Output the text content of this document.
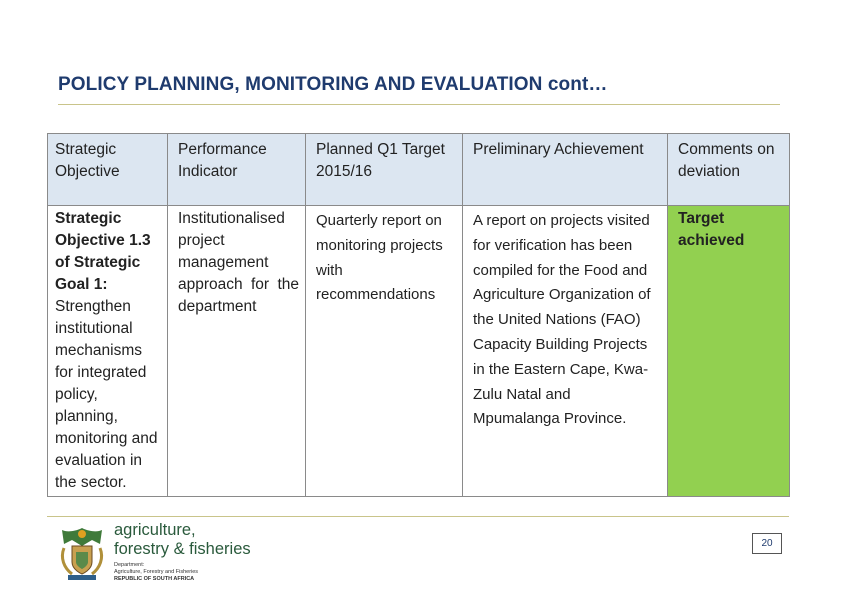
POLICY PLANNING, MONITORING AND EVALUATION cont…
Strategic Objective	Performance Indicator	Planned Q1 Target 2015/16	Preliminary Achievement	Comments on deviation

Strategic Objective 1.3 of Strategic Goal 1:
Strengthen institutional mechanisms for integrated policy, planning, monitoring and evaluation in the sector.	Institutionalised project management approach for the department	Quarterly report on monitoring projects with recommendations	A report on projects visited for verification has been compiled for the Food and Agriculture Organization of the United Nations (FAO) Capacity Building Projects in the Eastern Cape, Kwa-Zulu Natal and Mpumalanga Province.	Target achieved
agriculture,
forestry & fisheries
Department:
Agriculture, Forestry and Fisheries
REPUBLIC OF SOUTH AFRICA
20
